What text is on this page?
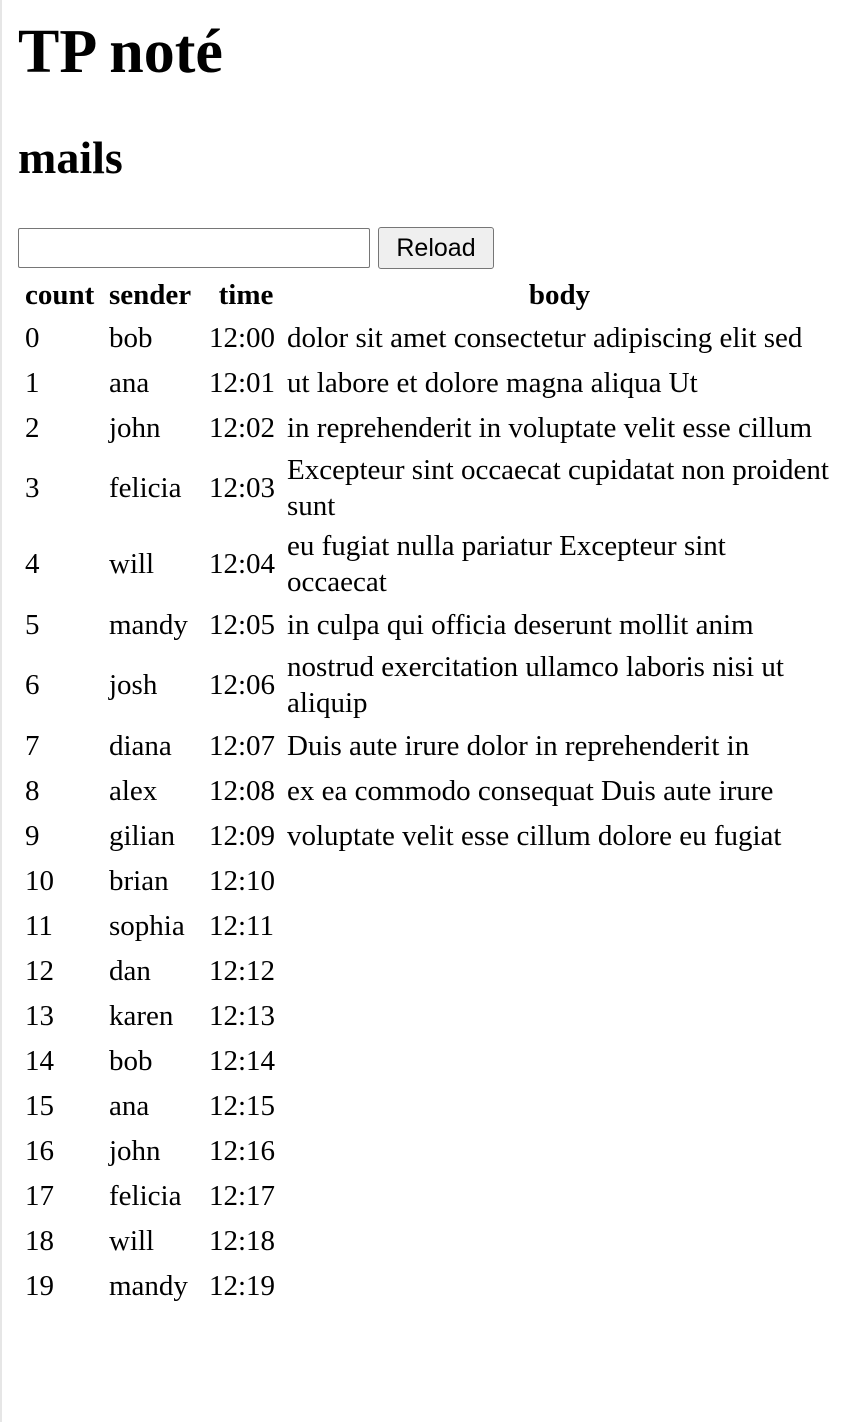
TP noté
mails
Reload
count	sender	time	body
0	bob	12:00	dolor sit amet consectetur adipiscing elit sed
1	ana	12:01	ut labore et dolore magna aliqua Ut
2	john	12:02	in reprehenderit in voluptate velit esse cillum
3	felicia	12:03	Excepteur sint occaecat cupidatat non proident sunt
4	will	12:04	eu fugiat nulla pariatur Excepteur sint occaecat
5	mandy	12:05	in culpa qui officia deserunt mollit anim
6	josh	12:06	nostrud exercitation ullamco laboris nisi ut aliquip
7	diana	12:07	Duis aute irure dolor in reprehenderit in
8	alex	12:08	ex ea commodo consequat Duis aute irure
9	gilian	12:09	voluptate velit esse cillum dolore eu fugiat
10	brian	12:10	
11	sophia	12:11	
12	dan	12:12	
13	karen	12:13	
14	bob	12:14	
15	ana	12:15	
16	john	12:16	
17	felicia	12:17	
18	will	12:18	
19	mandy	12:19	
